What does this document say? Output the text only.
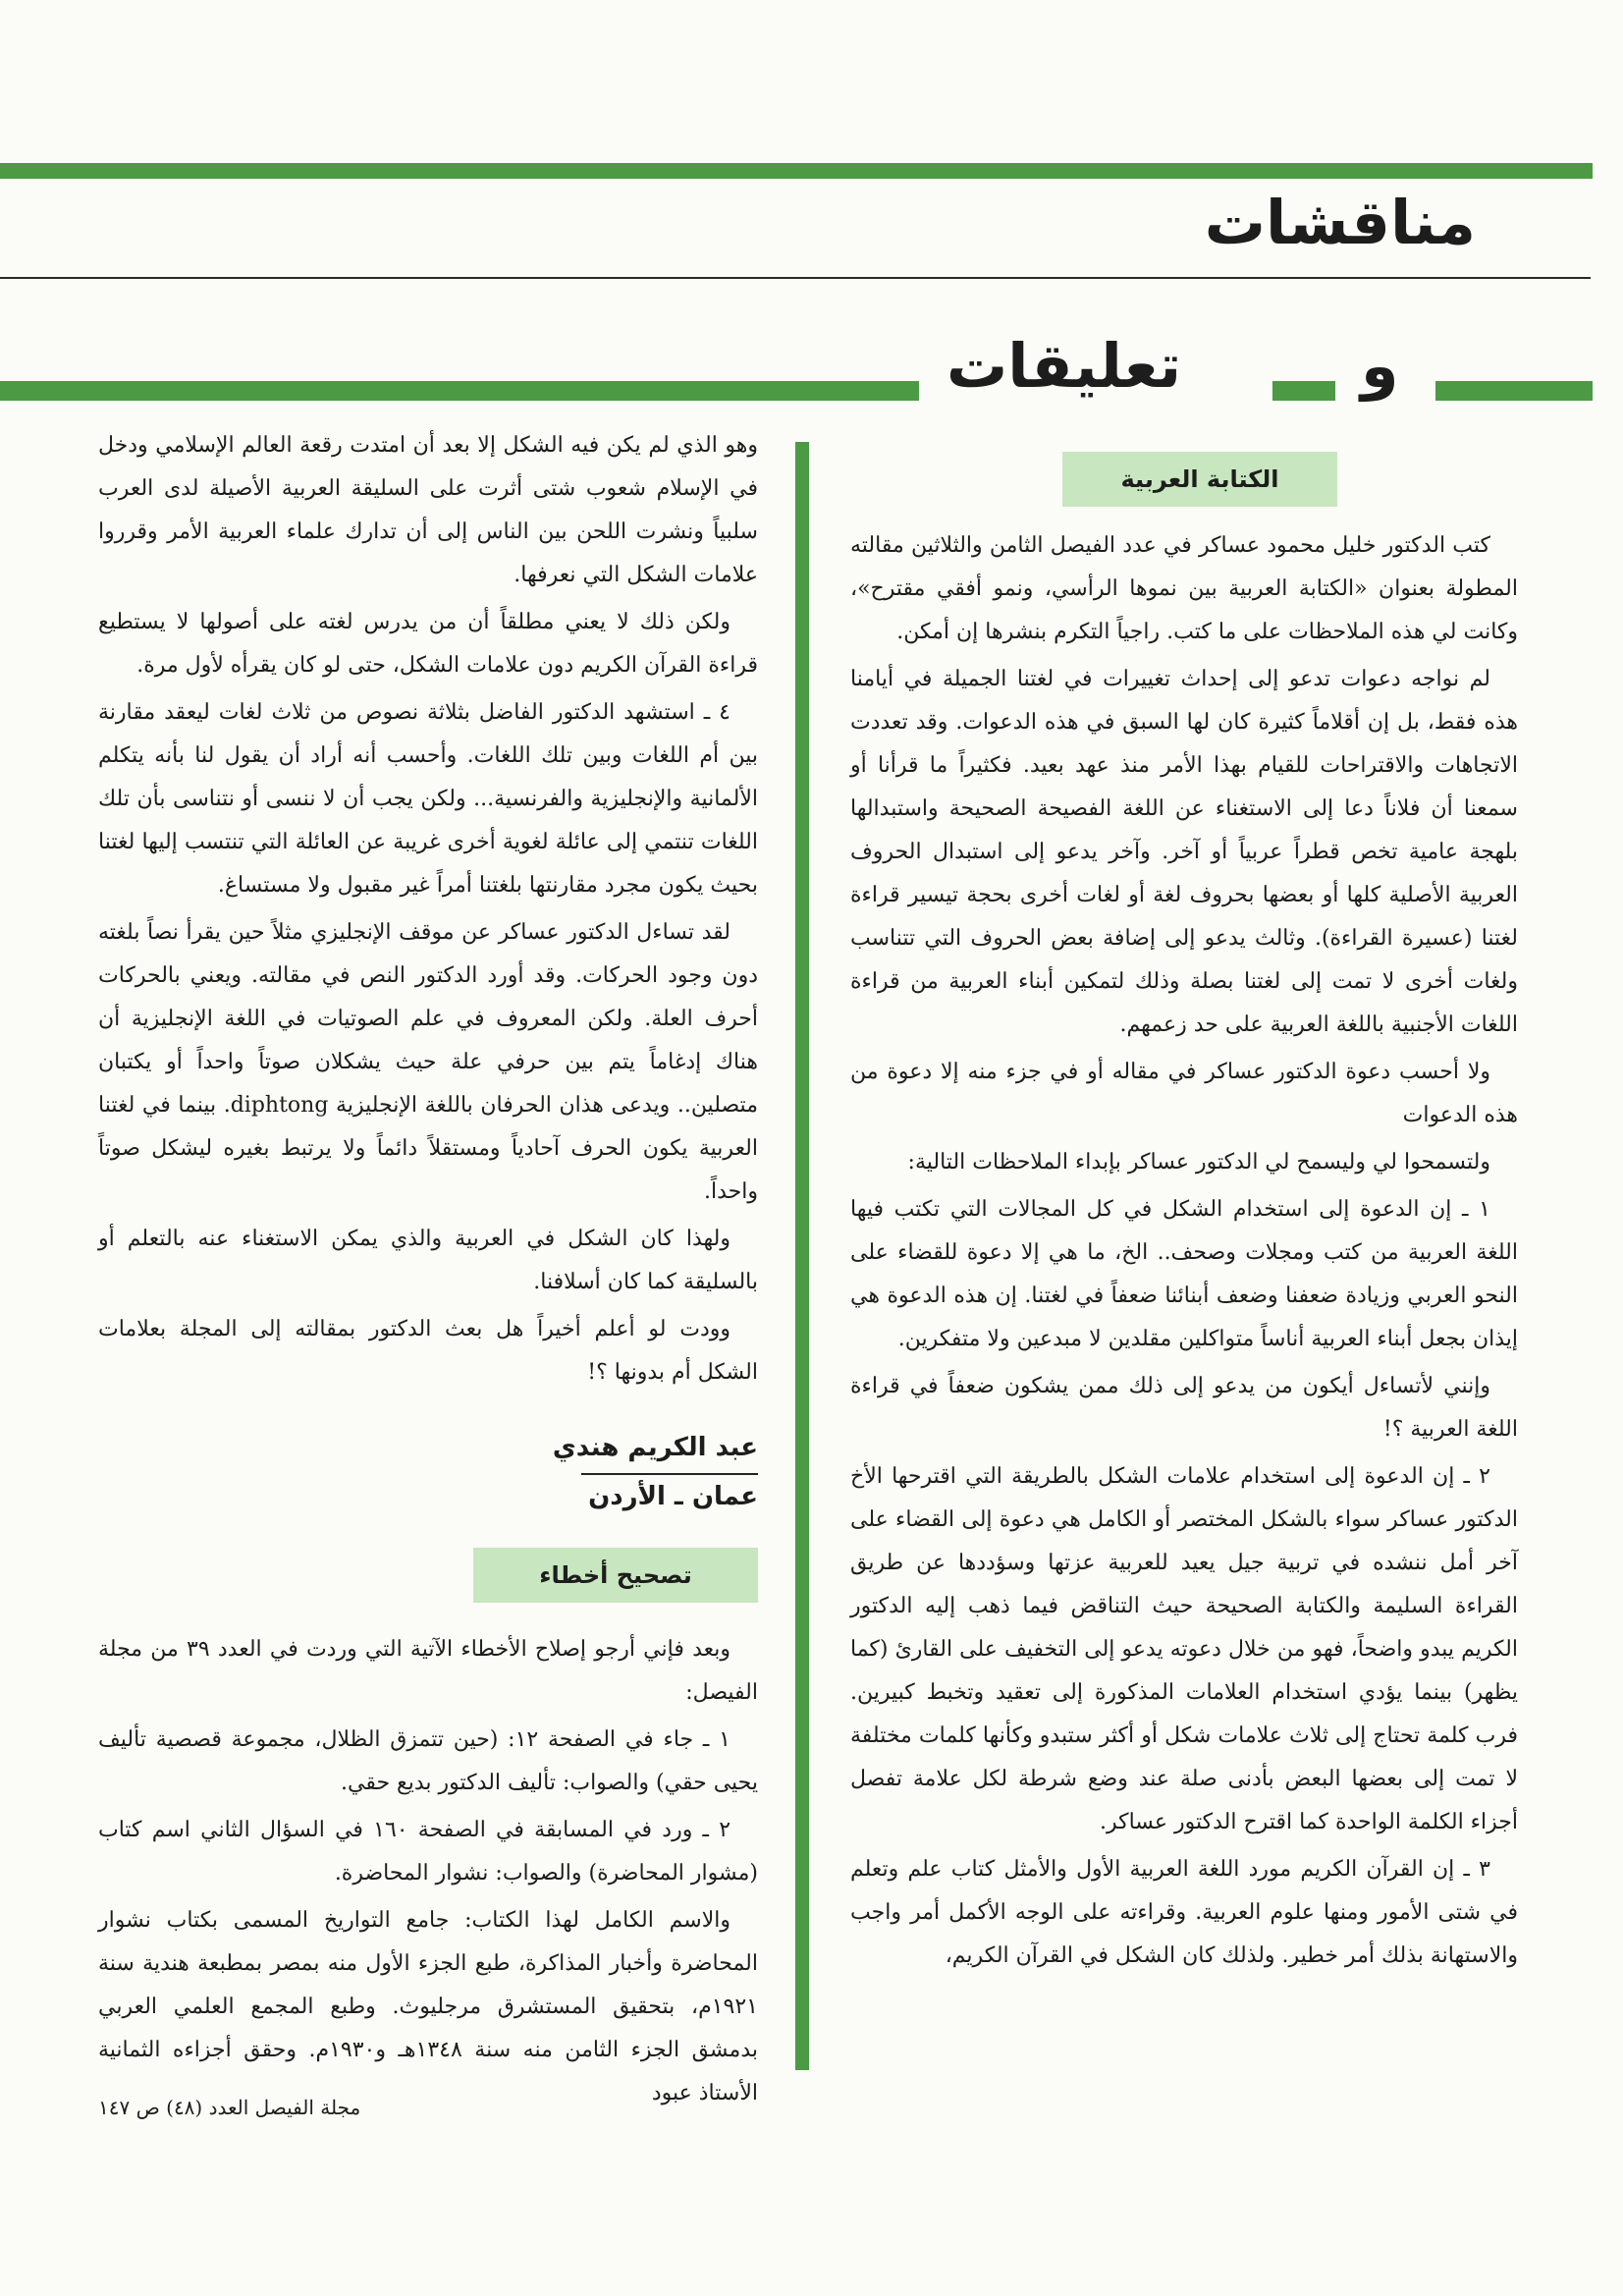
مناقشات
تعليقات	و
الكتابة العربية

كتب الدكتور خليل محمود عساكر في عدد الفيصل الثامن والثلاثين مقالته المطولة بعنوان «الكتابة العربية بين نموها الرأسي، ونمو أفقي مقترح»، وكانت لي هذه الملاحظات على ما كتب. راجياً التكرم بنشرها إن أمكن.

لم نواجه دعوات تدعو إلى إحداث تغييرات في لغتنا الجميلة في أيامنا هذه فقط، بل إن أقلاماً كثيرة كان لها السبق في هذه الدعوات. وقد تعددت الاتجاهات والاقتراحات للقيام بهذا الأمر منذ عهد بعيد. فكثيراً ما قرأنا أو سمعنا أن فلاناً دعا إلى الاستغناء عن اللغة الفصيحة الصحيحة واستبدالها بلهجة عامية تخص قطراً عربياً أو آخر. وآخر يدعو إلى استبدال الحروف العربية الأصلية كلها أو بعضها بحروف لغة أو لغات أخرى بحجة تيسير قراءة لغتنا (عسيرة القراءة). وثالث يدعو إلى إضافة بعض الحروف التي تتناسب ولغات أخرى لا تمت إلى لغتنا بصلة وذلك لتمكين أبناء العربية من قراءة اللغات الأجنبية باللغة العربية على حد زعمهم.

ولا أحسب دعوة الدكتور عساكر في مقاله أو في جزء منه إلا دعوة من هذه الدعوات

ولتسمحوا لي وليسمح لي الدكتور عساكر بإبداء الملاحظات التالية:

١ ـ إن الدعوة إلى استخدام الشكل في كل المجالات التي تكتب فيها اللغة العربية من كتب ومجلات وصحف.. الخ، ما هي إلا دعوة للقضاء على النحو العربي وزيادة ضعفنا وضعف أبنائنا ضعفاً في لغتنا. إن هذه الدعوة هي إيذان بجعل أبناء العربية أناساً متواكلين مقلدين لا مبدعين ولا متفكرين.

وإنني لأتساءل أيكون من يدعو إلى ذلك ممن يشكون ضعفاً في قراءة اللغة العربية ؟!

٢ ـ إن الدعوة إلى استخدام علامات الشكل بالطريقة التي اقترحها الأخ الدكتور عساكر سواء بالشكل المختصر أو الكامل هي دعوة إلى القضاء على آخر أمل ننشده في تربية جيل يعيد للعربية عزتها وسؤددها عن طريق القراءة السليمة والكتابة الصحيحة حيث التناقض فيما ذهب إليه الدكتور الكريم يبدو واضحاً، فهو من خلال دعوته يدعو إلى التخفيف على القارئ (كما يظهر) بينما يؤدي استخدام العلامات المذكورة إلى تعقيد وتخبط كبيرين. فرب كلمة تحتاج إلى ثلاث علامات شكل أو أكثر ستبدو وكأنها كلمات مختلفة لا تمت إلى بعضها البعض بأدنى صلة عند وضع شرطة لكل علامة تفصل أجزاء الكلمة الواحدة كما اقترح الدكتور عساكر.

٣ ـ إن القرآن الكريم مورد اللغة العربية الأول والأمثل كتاب علم وتعلم في شتى الأمور ومنها علوم العربية. وقراءته على الوجه الأكمل أمر واجب والاستهانة بذلك أمر خطير. ولذلك كان الشكل في القرآن الكريم،

وهو الذي لم يكن فيه الشكل إلا بعد أن امتدت رقعة العالم الإسلامي ودخل في الإسلام شعوب شتى أثرت على السليقة العربية الأصيلة لدى العرب سلبياً ونشرت اللحن بين الناس إلى أن تدارك علماء العربية الأمر وقرروا علامات الشكل التي نعرفها.

ولكن ذلك لا يعني مطلقاً أن من يدرس لغته على أصولها لا يستطيع قراءة القرآن الكريم دون علامات الشكل، حتى لو كان يقرأه لأول مرة.

٤ ـ استشهد الدكتور الفاضل بثلاثة نصوص من ثلاث لغات ليعقد مقارنة بين أم اللغات وبين تلك اللغات. وأحسب أنه أراد أن يقول لنا بأنه يتكلم الألمانية والإنجليزية والفرنسية... ولكن يجب أن لا ننسى أو نتناسى بأن تلك اللغات تنتمي إلى عائلة لغوية أخرى غريبة عن العائلة التي تنتسب إليها لغتنا بحيث يكون مجرد مقارنتها بلغتنا أمراً غير مقبول ولا مستساغ.

لقد تساءل الدكتور عساكر عن موقف الإنجليزي مثلاً حين يقرأ نصاً بلغته دون وجود الحركات. وقد أورد الدكتور النص في مقالته. ويعني بالحركات أحرف العلة. ولكن المعروف في علم الصوتيات في اللغة الإنجليزية أن هناك إدغاماً يتم بين حرفي علة حيث يشكلان صوتاً واحداً أو يكتبان متصلين.. ويدعى هذان الحرفان باللغة الإنجليزية diphtong. بينما في لغتنا العربية يكون الحرف آحادياً ومستقلاً دائماً ولا يرتبط بغيره ليشكل صوتاً واحداً.

ولهذا كان الشكل في العربية والذي يمكن الاستغناء عنه بالتعلم أو بالسليقة كما كان أسلافنا.

وودت لو أعلم أخيراً هل بعث الدكتور بمقالته إلى المجلة بعلامات الشكل أم بدونها ؟!

عبد الكريم هندي
عمان ـ الأردن
تصحيح أخطاء

وبعد فإني أرجو إصلاح الأخطاء الآتية التي وردت في العدد ٣٩ من مجلة الفيصل:

١ ـ جاء في الصفحة ١٢: (حين تتمزق الظلال، مجموعة قصصية تأليف يحيى حقي) والصواب: تأليف الدكتور بديع حقي.

٢ ـ ورد في المسابقة في الصفحة ١٦٠ في السؤال الثاني اسم كتاب (مشوار المحاضرة) والصواب: نشوار المحاضرة.

والاسم الكامل لهذا الكتاب: جامع التواريخ المسمى بكتاب نشوار المحاضرة وأخبار المذاكرة، طبع الجزء الأول منه بمصر بمطبعة هندية سنة ١٩٢١م، بتحقيق المستشرق مرجليوث. وطبع المجمع العلمي العربي بدمشق الجزء الثامن منه سنة ١٣٤٨هـ و١٩٣٠م. وحقق أجزاءه الثمانية الأستاذ عبود

مجلة الفيصل العدد (٤٨) ص ١٤٧
